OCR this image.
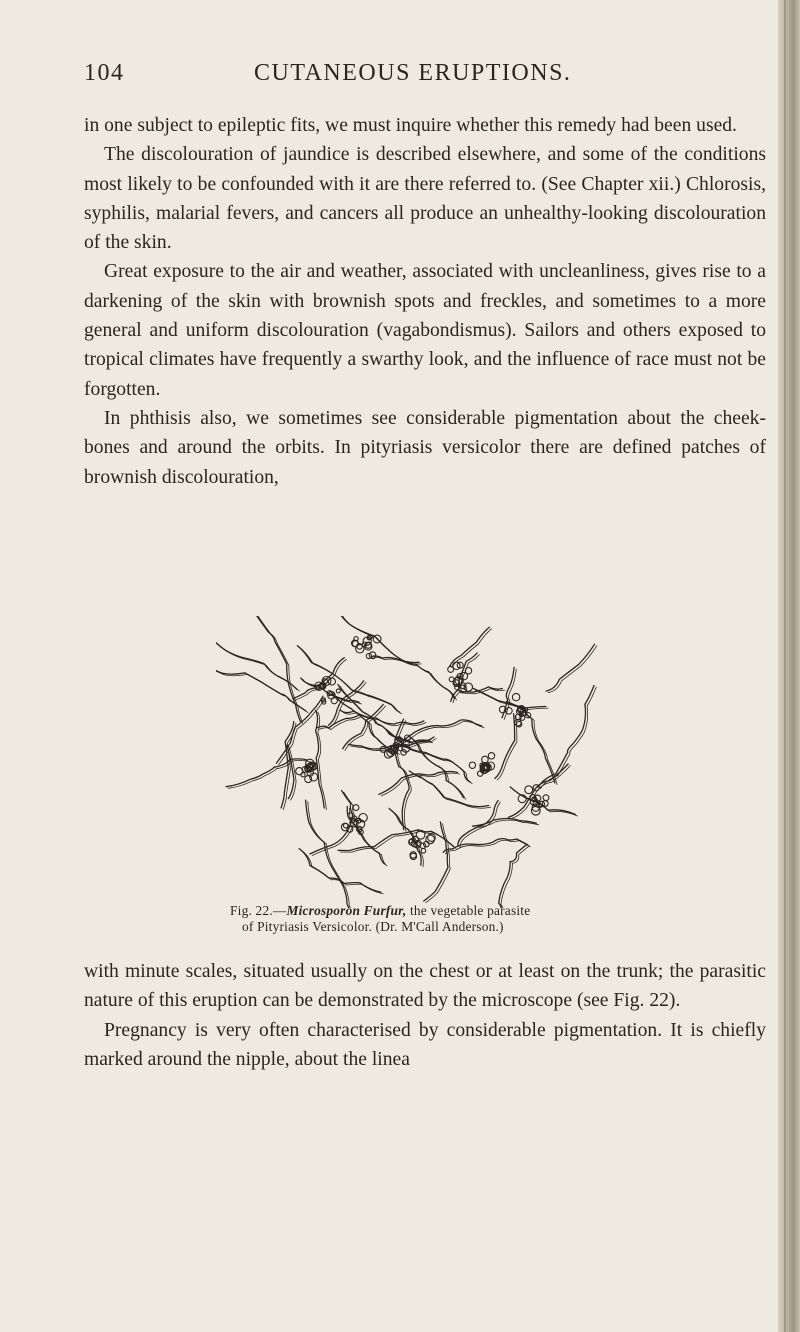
104	CUTANEOUS ERUPTIONS.

in one subject to epileptic fits, we must inquire whether this remedy had been used.

The discolouration of jaundice is described elsewhere, and some of the conditions most likely to be confounded with it are there referred to. (See Chapter xii.) Chlorosis, syphilis, malarial fevers, and cancers all produce an unhealthy-looking discolouration of the skin.

Great exposure to the air and weather, associated with uncleanliness, gives rise to a darkening of the skin with brownish spots and freckles, and sometimes to a more general and uniform discolouration (vagabondismus). Sailors and others exposed to tropical climates have frequently a swarthy look, and the influence of race must not be forgotten.

In phthisis also, we sometimes see considerable pigmentation about the cheek-bones and around the orbits. In pityriasis versicolor there are defined patches of brownish discolouration,

Fig. 22.—Microsporon Furfur, the vegetable parasite
of Pityriasis Versicolor. (Dr. M'Call Anderson.)

with minute scales, situated usually on the chest or at least on the trunk; the parasitic nature of this eruption can be demonstrated by the microscope (see Fig. 22).

Pregnancy is very often characterised by considerable pigmentation. It is chiefly marked around the nipple, about the linea
